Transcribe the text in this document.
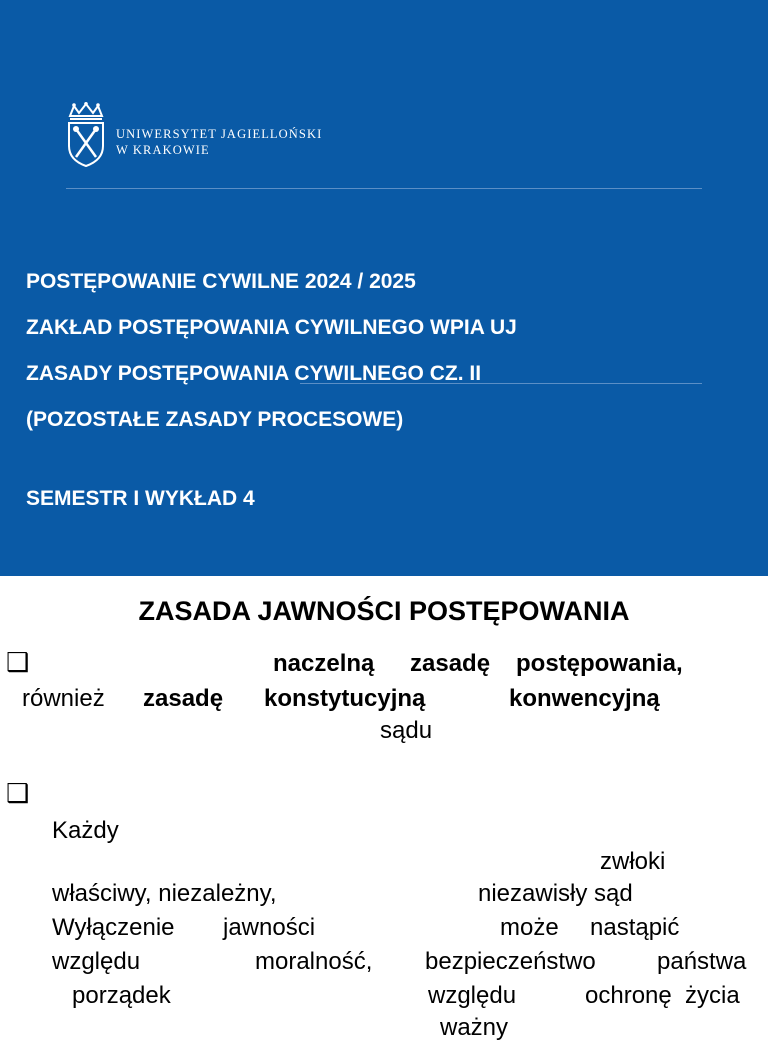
UNIWERSYTET JAGIELLOŃSKI
W KRAKOWIE
POSTĘPOWANIE CYWILNE 2024 / 2025
ZAKŁAD POSTĘPOWANIA CYWILNEGO WPIA UJ
ZASADY POSTĘPOWANIA CYWILNEGO CZ. II
(POZOSTAŁE ZASADY PROCESOWE)
SEMESTR I WYKŁAD 4
ZASADA JAWNOŚCI POSTĘPOWANIA
❑	naczelną zasadę postępowania,
również zasadę konstytucyjną	konwencyjną
sądu
❑
Każdy
zwłoki
właściwy, niezależny,	niezawisły sąd
Wyłączenie jawności	może nastąpić
względu	moralność, bezpieczeństwo	państwa
porządek	względu	ochronę życia
ważny
